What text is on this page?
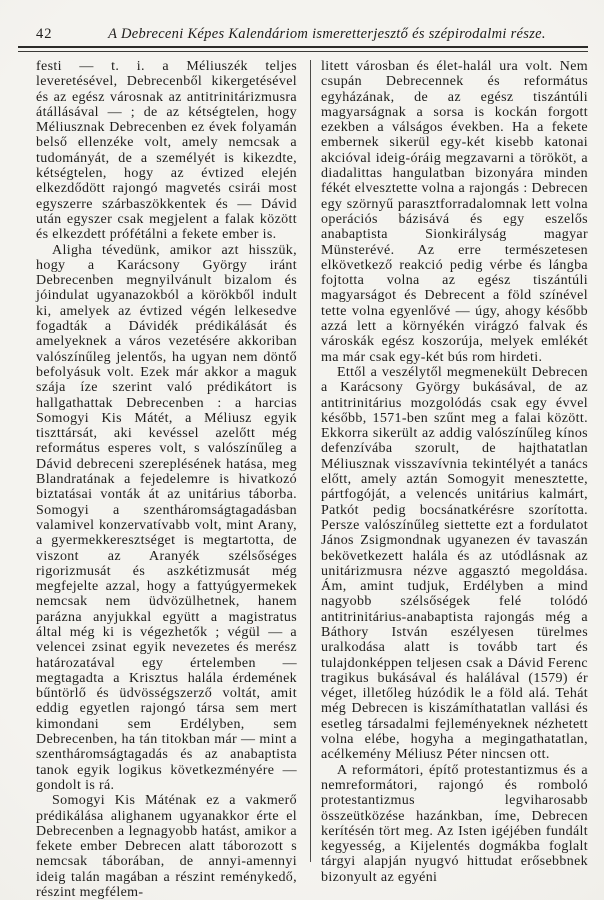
42	A Debreceni Képes Kalendáriom ismeretterjesztő és szépirodalmi része.

festi — t. i. a Méliuszék teljes leveretésével, Debrecenből kikergetésével és az egész városnak az antitrinitárizmusra átállásával — ; de az kétségtelen, hogy Méliusznak Debrecenben ez évek folyamán belső ellenzéke volt, amely nemcsak a tudományát, de a személyét is kikezdte, kétségtelen, hogy az évtized elején elkezdődött rajongó magvetés csirái most egyszerre szárbaszökkentek és — Dávid után egyszer csak megjelent a falak között és elkezdett prófétálni a fekete ember is.

Aligha tévedünk, amikor azt hisszük, hogy a Karácsony György iránt Debrecenben megnyilvánult bizalom és jóindulat ugyanazokból a körökből indult ki, amelyek az évtized végén lelkesedve fogadták a Dávidék prédikálását és amelyeknek a város vezetésére akkoriban valószínűleg jelentős, ha ugyan nem döntő befolyásuk volt. Ezek már akkor a maguk szája íze szerint való prédikátort is hallgathattak Debrecenben : a harcias Somogyi Kis Mátét, a Méliusz egyik tiszttársát, aki kevéssel azelőtt még református esperes volt, s valószínűleg a Dávid debreceni szereplésének hatása, meg Blandratának a fejedelemre is hivatkozó biztatásai vonták át az unitárius táborba. Somogyi a szentháromságtagadásban valamivel konzervatívabb volt, mint Arany, a gyermekkeresztséget is megtartotta, de viszont az Aranyék szélsőséges rigorizmusát és aszkétizmusát még megfejelte azzal, hogy a fattyúgyermekek nemcsak nem üdvözülhetnek, hanem parázna anyjukkal együtt a magistratus által még ki is végezhetők ; végül — a velencei zsinat egyik nevezetes és merész határozatával egy értelemben — megtagadta a Krisztus halála érdemének bűntörlő és üdvösségszerző voltát, amit eddig egyetlen rajongó társa sem mert kimondani sem Erdélyben, sem Debrecenben, ha tán titokban már — mint a szentháromságtagadás és az anabaptista tanok egyik logikus következményére — gondolt is rá.

Somogyi Kis Máténak ez a vakmerő prédikálása alighanem ugyanakkor érte el Debrecenben a legnagyobb hatást, amikor a fekete ember Debrecen alatt táborozott s nemcsak táborában, de annyi-amennyi ideig talán magában a részint reménykedő, részint megfélem-

litett városban és élet-halál ura volt. Nem csupán Debrecennek és református egyházának, de az egész tiszántúli magyarságnak a sorsa is kockán forgott ezekben a válságos években. Ha a fekete embernek sikerül egy-két kisebb katonai akcióval ideig-óráig megzavarni a törököt, a diadalittas hangulatban bizonyára minden fékét elvesztette volna a rajongás : Debrecen egy szörnyű parasztforradalomnak lett volna operációs bázisává és egy eszelős anabaptista Sionkirályság magyar Münsterévé. Az erre természetesen elkövetkező reakció pedig vérbe és lángba fojtotta volna az egész tiszántúli magyarságot és Debrecent a föld színével tette volna egyenlővé — úgy, ahogy később azzá lett a környékén virágzó falvak és városkák egész koszorúja, melyek emlékét ma már csak egy-két bús rom hirdeti.

Ettől a veszélytől megmenekült Debrecen a Karácsony György bukásával, de az antitrinitárius mozgolódás csak egy évvel később, 1571-ben szűnt meg a falai között. Ekkorra sikerült az addig valószínűleg kínos defenzívába szorult, de hajthatatlan Méliusznak visszavívnia tekintélyét a tanács előtt, amely aztán Somogyit menesztette, pártfogóját, a velencés unitárius kalmárt, Patkót pedig bocsánatkérésre szorította. Persze valószínűleg siettette ezt a fordulatot János Zsigmondnak ugyanezen év tavaszán bekövetkezett halála és az utódlásnak az unitárizmusra nézve aggasztó megoldása. Ám, amint tudjuk, Erdélyben a mind nagyobb szélsőségek felé tolódó antitrinitárius-anabaptista rajongás még a Báthory István eszélyesen türelmes uralkodása alatt is tovább tart és tulajdonképpen teljesen csak a Dávid Ferenc tragikus bukásával és halálával (1579) ér véget, illetőleg húzódik le a föld alá. Tehát még Debrecen is kiszámíthatatlan vallási és esetleg társadalmi fejleményeknek nézhetett volna elébe, hogyha a megingathatatlan, acélkemény Méliusz Péter nincsen ott.

A reformátori, építő protestantizmus és a nemreformátori, rajongó és romboló protestantizmus legviharosabb összeütközése hazánkban, íme, Debrecen kerítésén tört meg. Az Isten igéjében fundált kegyesség, a Kijelentés dogmákba foglalt tárgyi alapján nyugvó hittudat erősebbnek bizonyult az egyéni
